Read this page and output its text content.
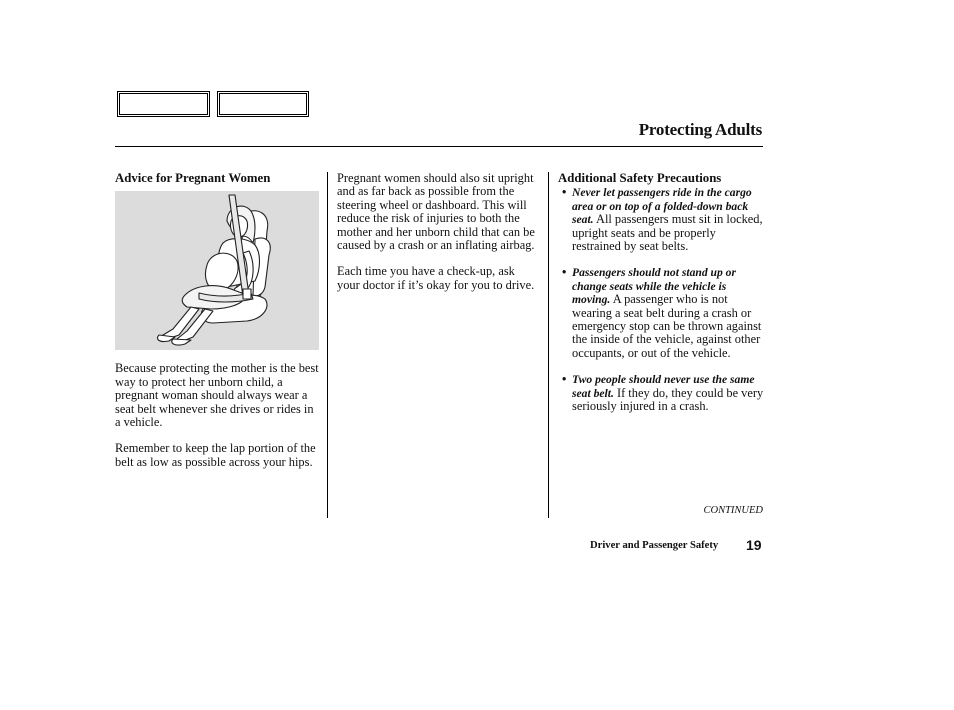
Protecting Adults
Advice for Pregnant Women

Because protecting the mother is the best way to protect her unborn child, a pregnant woman should always wear a seat belt whenever she drives or rides in a vehicle.

Remember to keep the lap portion of the belt as low as possible across your hips.

Pregnant women should also sit upright and as far back as possible from the steering wheel or dashboard. This will reduce the risk of injuries to both the mother and her unborn child that can be caused by a crash or an inflating airbag.

Each time you have a check-up, ask your doctor if it’s okay for you to drive.

Additional Safety Precautions
• Never let passengers ride in the cargo area or on top of a folded-down back seat. All passengers must sit in locked, upright seats and be properly restrained by seat belts.
• Passengers should not stand up or change seats while the vehicle is moving. A passenger who is not wearing a seat belt during a crash or emergency stop can be thrown against the inside of the vehicle, against other occupants, or out of the vehicle.
• Two people should never use the same seat belt. If they do, they could be very seriously injured in a crash.
CONTINUED
Driver and Passenger Safety 19
